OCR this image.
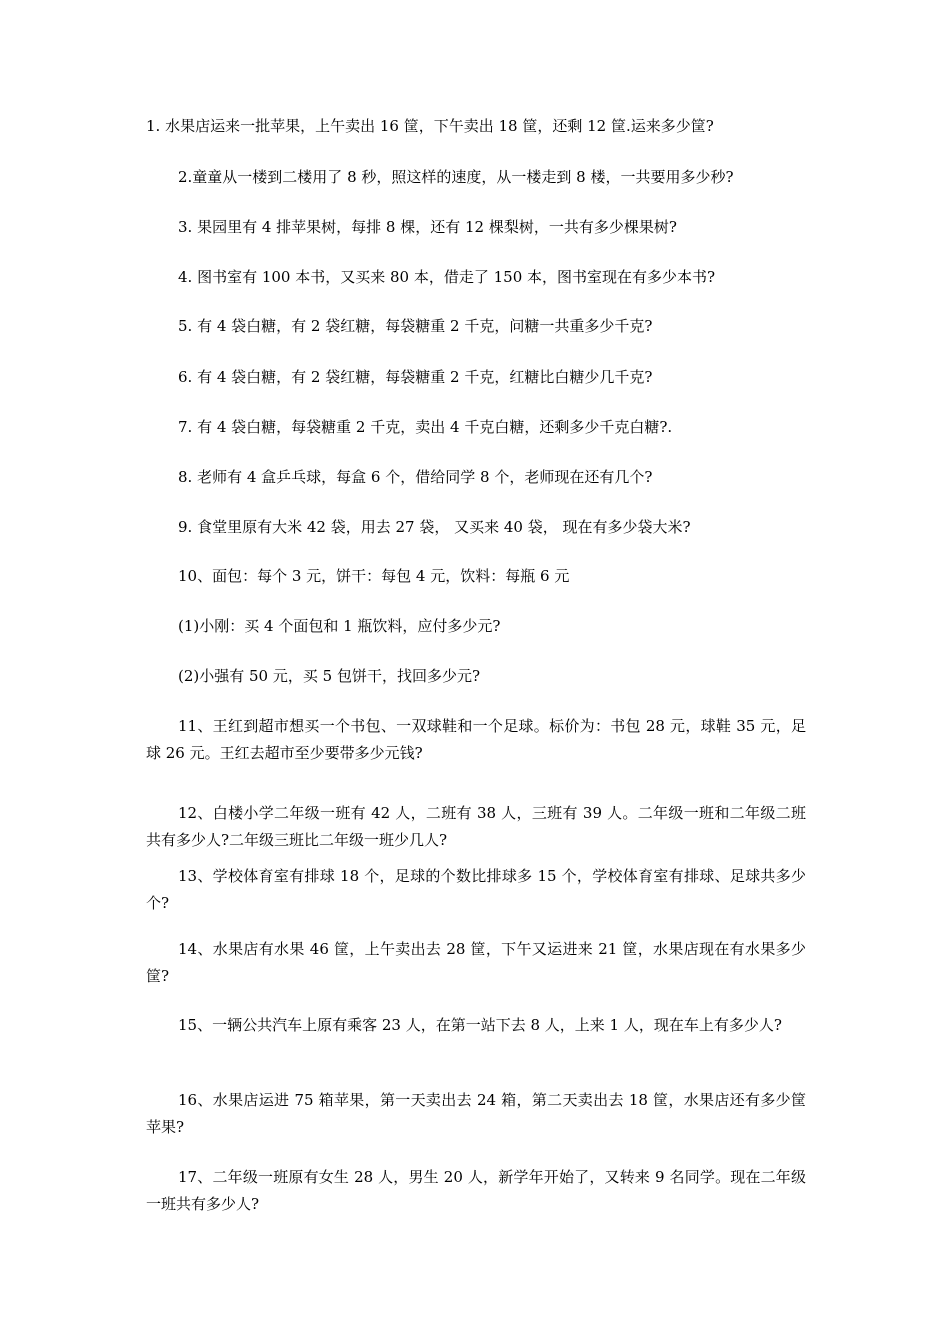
1. 水果店运来一批苹果，上午卖出 16 筐，下午卖出 18 筐，还剩 12 筐.运来多少筐?

2.童童从一楼到二楼用了 8 秒，照这样的速度，从一楼走到 8 楼，一共要用多少秒?

3. 果园里有 4 排苹果树，每排 8 棵，还有 12 棵梨树，一共有多少棵果树?

4. 图书室有 100 本书，又买来 80 本，借走了 150 本，图书室现在有多少本书?

5. 有 4 袋白糖，有 2 袋红糖，每袋糖重 2 千克，问糖一共重多少千克?

6. 有 4 袋白糖，有 2 袋红糖，每袋糖重 2 千克，红糖比白糖少几千克?

7. 有 4 袋白糖，每袋糖重 2 千克，卖出 4 千克白糖，还剩多少千克白糖?.

8. 老师有 4 盒乒乓球，每盒 6 个，借给同学 8 个，老师现在还有几个?

9. 食堂里原有大米 42 袋，用去 27 袋， 又买来 40 袋， 现在有多少袋大米?

10、面包：每个 3 元，饼干：每包 4 元，饮料：每瓶 6 元

(1)小刚：买 4 个面包和 1 瓶饮料，应付多少元?

(2)小强有 50 元，买 5 包饼干，找回多少元?

11、王红到超市想买一个书包、一双球鞋和一个足球。标价为：书包 28 元，球鞋 35 元，足球 26 元。王红去超市至少要带多少元钱?

12、白楼小学二年级一班有 42 人，二班有 38 人，三班有 39 人。二年级一班和二年级二班共有多少人?二年级三班比二年级一班少几人?

13、学校体育室有排球 18 个，足球的个数比排球多 15 个，学校体育室有排球、足球共多少个?

14、水果店有水果 46 筐，上午卖出去 28 筐，下午又运进来 21 筐，水果店现在有水果多少筐?

15、一辆公共汽车上原有乘客 23 人，在第一站下去 8 人，上来 1 人，现在车上有多少人?

16、水果店运进 75 箱苹果，第一天卖出去 24 箱，第二天卖出去 18 筐，水果店还有多少筐苹果?

17、二年级一班原有女生 28 人，男生 20 人，新学年开始了，又转来 9 名同学。现在二年级一班共有多少人?
